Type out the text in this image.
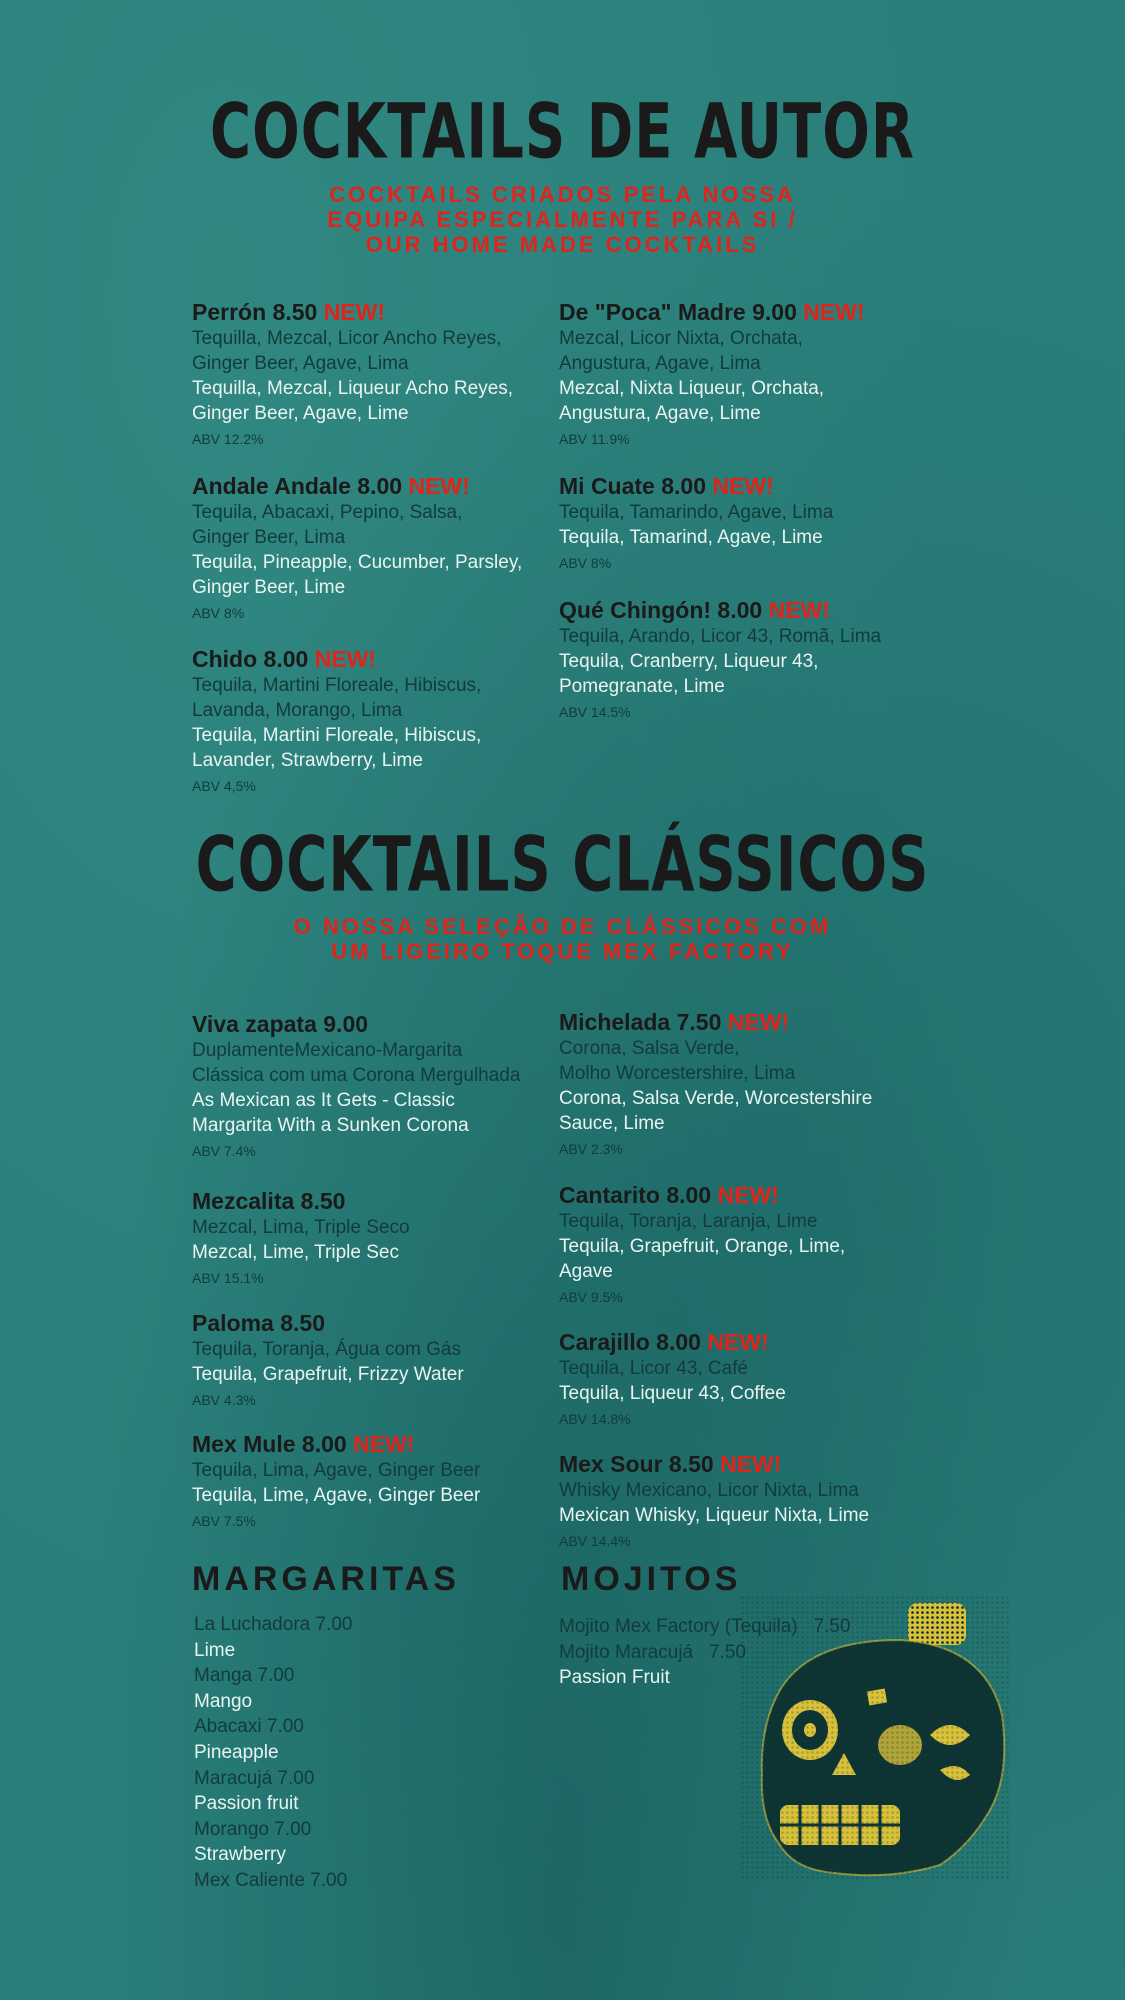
COCKTAILS DE AUTOR
COCKTAILS CRIADOS PELA NOSSA
EQUIPA ESPECIALMENTE PARA SI /
OUR HOME MADE COCKTAILS
Perrón 8.50 NEW!
Tequilla, Mezcal, Licor Ancho Reyes,
Ginger Beer, Agave, Lima
Tequilla, Mezcal, Liqueur Acho Reyes,
Ginger Beer, Agave, Lime
ABV 12.2%
Andale Andale 8.00 NEW!
Tequila, Abacaxi, Pepino, Salsa,
Ginger Beer, Lima
Tequila, Pineapple, Cucumber, Parsley,
Ginger Beer, Lime
ABV 8%
Chido 8.00 NEW!
Tequila, Martini Floreale, Hibiscus,
Lavanda, Morango, Lima
Tequila, Martini Floreale, Hibiscus,
Lavander, Strawberry, Lime
ABV 4,5%
De "Poca" Madre 9.00 NEW!
Mezcal, Licor Nixta, Orchata,
Angustura, Agave, Lima
Mezcal, Nixta Liqueur, Orchata,
Angustura, Agave, Lime
ABV 11.9%
Mi Cuate 8.00 NEW!
Tequila, Tamarindo, Agave, Lima
Tequila, Tamarind, Agave, Lime
ABV 8%
Qué Chingón! 8.00 NEW!
Tequila, Arando, Licor 43, Romã, Lima
Tequila, Cranberry, Liqueur 43,
Pomegranate, Lime
ABV 14.5%
COCKTAILS CLÁSSICOS
O NOSSA SELEÇÃO DE CLÁSSICOS COM
UM LIGEIRO TOQUE MEX FACTORY
Viva zapata 9.00
DuplamenteMexicano-Margarita
Clássica com uma Corona Mergulhada
As Mexican as It Gets - Classic
Margarita With a Sunken Corona
ABV 7.4%
Mezcalita 8.50
Mezcal, Lima, Triple Seco
Mezcal, Lime, Triple Sec
ABV 15.1%
Paloma 8.50
Tequila, Toranja, Água com Gás
Tequila, Grapefruit, Frizzy Water
ABV 4.3%
Mex Mule 8.00 NEW!
Tequila, Lima, Agave, Ginger Beer
Tequila, Lime, Agave, Ginger Beer
ABV 7.5%
Michelada 7.50 NEW!
Corona, Salsa Verde,
Molho Worcestershire, Lima
Corona, Salsa Verde, Worcestershire
Sauce, Lime
ABV 2.3%
Cantarito 8.00 NEW!
Tequila, Toranja, Laranja, Lime
Tequila, Grapefruit, Orange, Lime,
Agave
ABV 9.5%
Carajillo 8.00 NEW!
Tequila, Licor 43, Café
Tequila, Liqueur 43, Coffee
ABV 14.8%
Mex Sour 8.50 NEW!
Whisky Mexicano, Licor Nixta, Lima
Mexican Whisky, Liqueur Nixta, Lime
ABV 14.4%
MARGARITAS
La Luchadora 7.00
Lime
Manga 7.00
Mango
Abacaxi 7.00
Pineapple
Maracujá 7.00
Passion fruit
Morango 7.00
Strawberry
Mex Caliente 7.00
MOJITOS
Mojito Mex Factory (Tequila)   7.50
Mojito Maracujá   7.50
Passion Fruit
